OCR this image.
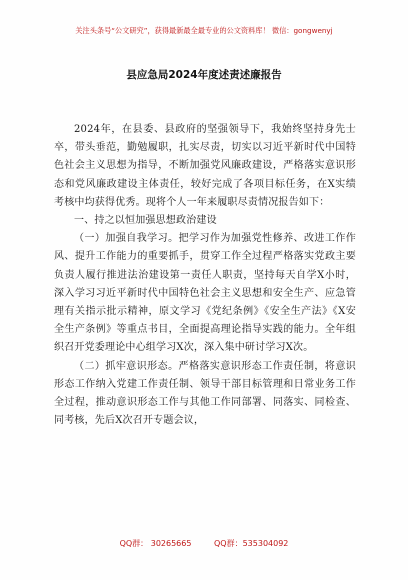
关注头条号“公文研究”，获得最新最全最专业的公文资料库！ 微信：gongwenyj
县应急局2024年度述责述廉报告

2024年，在县委、县政府的坚强领导下，我始终坚持身先士卒，带头垂范，勤勉履职，扎实尽责，切实以习近平新时代中国特色社会主义思想为指导，不断加强党风廉政建设，严格落实意识形态和党风廉政建设主体责任，较好完成了各项目标任务，在X实绩考核中均获得优秀。现将个人一年来履职尽责情况报告如下：

一、持之以恒加强思想政治建设

（一）加强自我学习。把学习作为加强党性修养、改进工作作风、提升工作能力的重要抓手，贯穿工作全过程严格落实党政主要负责人履行推进法治建设第一责任人职责，坚持每天自学X小时，深入学习习近平新时代中国特色社会主义思想和安全生产、应急管理有关指示批示精神，原文学习《党纪条例》《安全生产法》《X安全生产条例》等重点书目，全面提高理论指导实践的能力。全年组织召开党委理论中心组学习X次，深入集中研讨学习X次。

（二）抓牢意识形态。严格落实意识形态工作责任制，将意识形态工作纳入党建工作责任制、领导干部目标管理和日常业务工作全过程，推动意识形态工作与其他工作同部署、同落实、同检查、同考核，先后X次召开专题会议，

QQ群： 30265665	QQ群：535304092
